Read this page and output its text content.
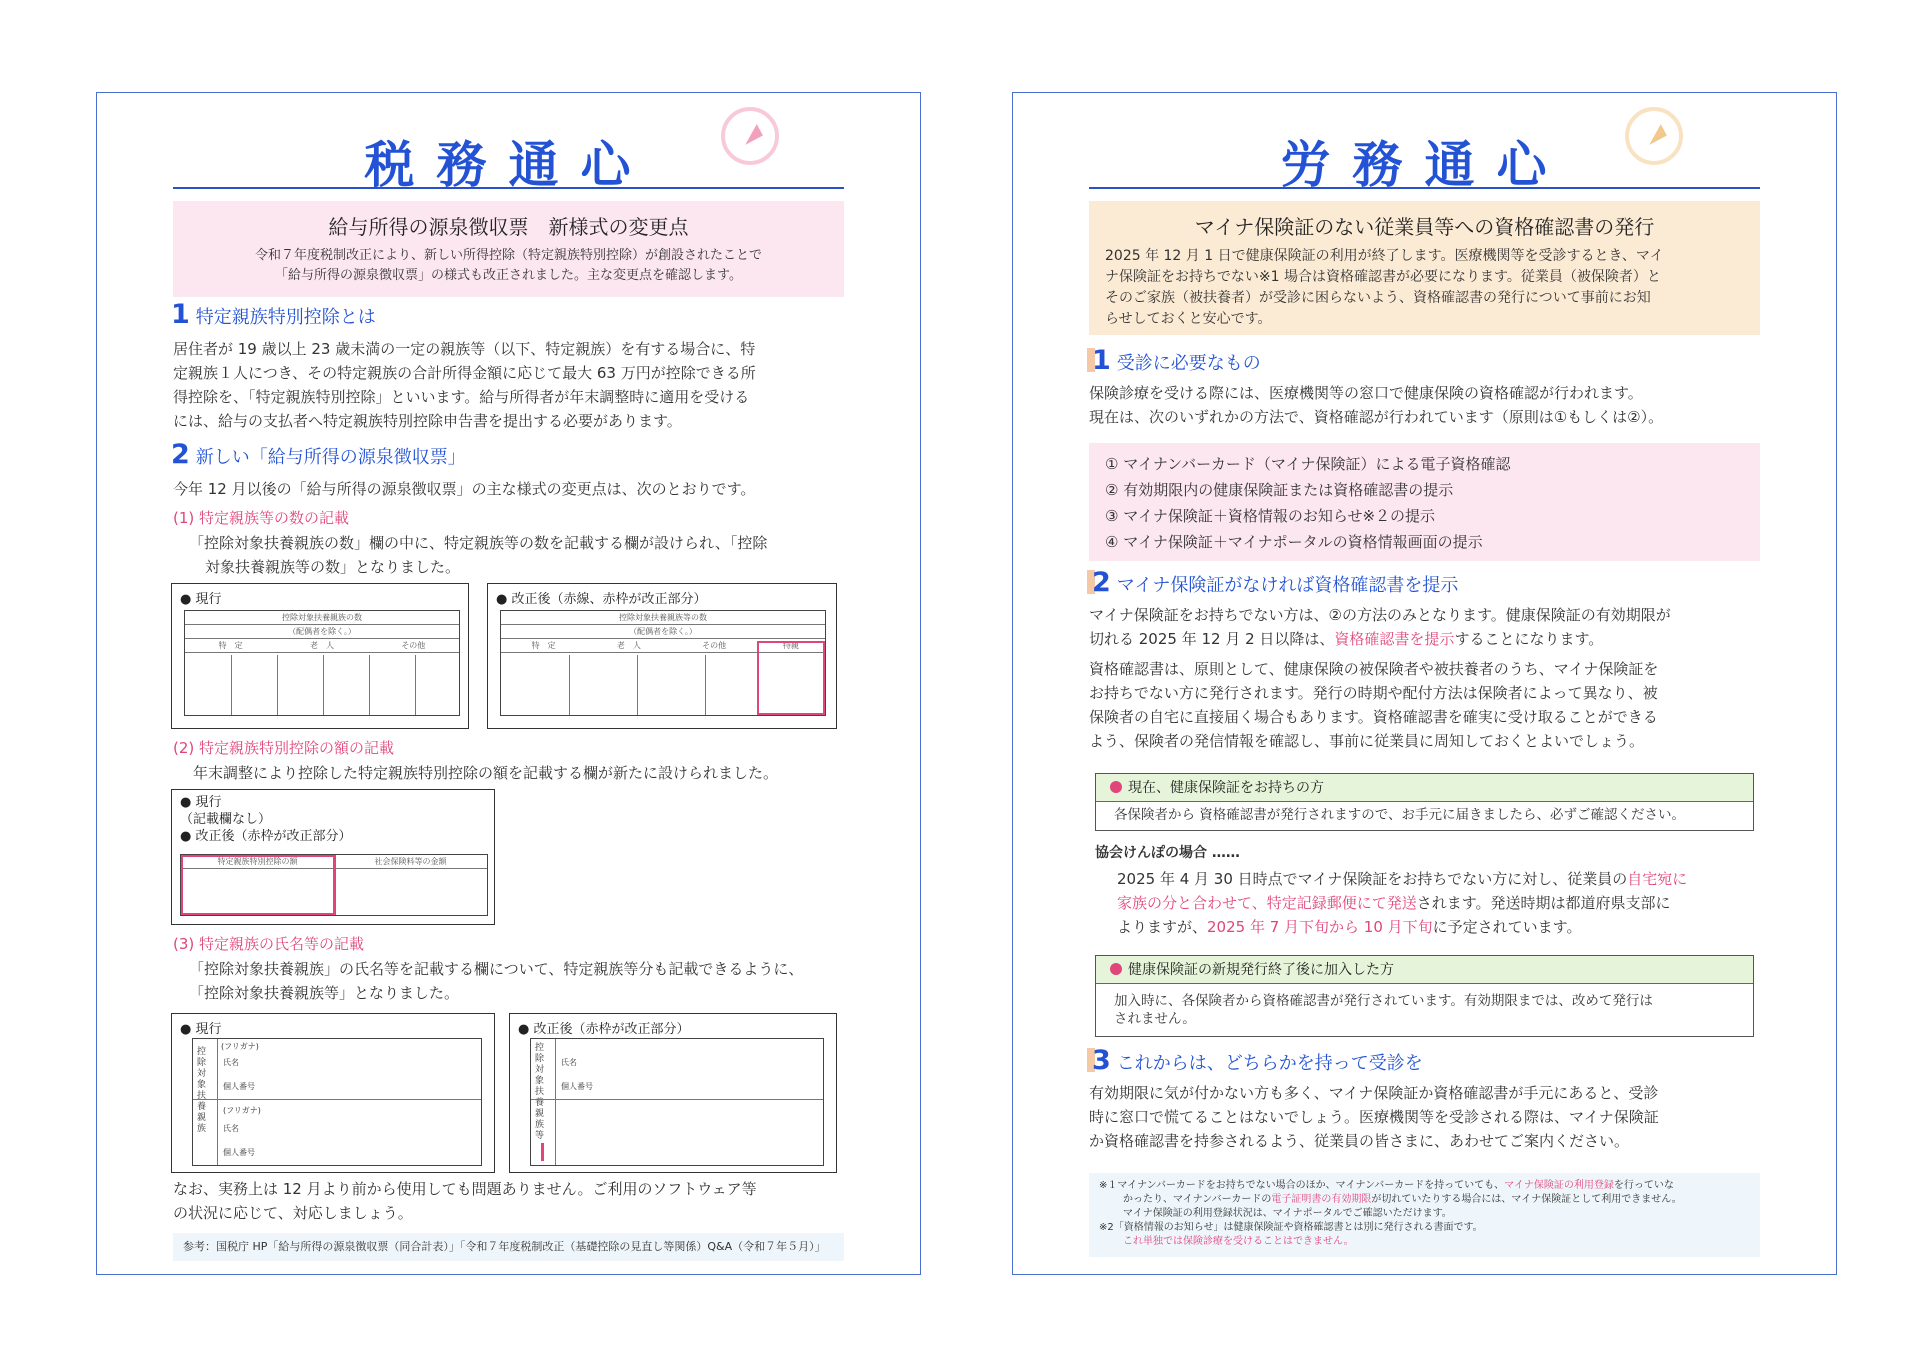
税務通心
給与所得の源泉徴収票　新様式の変更点
令和７年度税制改正により、新しい所得控除（特定親族特別控除）が創設されたことで
「給与所得の源泉徴収票」の様式も改正されました。主な変更点を確認します。
1 特定親族特別控除とは
居住者が 19 歳以上 23 歳未満の一定の親族等（以下、特定親族）を有する場合に、特
定親族１人につき、その特定親族の合計所得金額に応じて最大 63 万円が控除できる所
得控除を、「特定親族特別控除」といいます。給与所得者が年末調整時に適用を受ける
には、給与の支払者へ特定親族特別控除申告書を提出する必要があります。
2 新しい「給与所得の源泉徴収票」
今年 12 月以後の「給与所得の源泉徴収票」の主な様式の変更点は、次のとおりです。
(1) 特定親族等の数の記載
「控除対象扶養親族の数」欄の中に、特定親族等の数を記載する欄が設けられ、「控除
対象扶養親族等の数」となりました。
● 現行
控除対象扶養親族の数
（配偶者を除く。）
特　定	老　人	その他
● 改正後（赤線、赤枠が改正部分）
控除対象扶養親族等の数
（配偶者を除く。）
特　定	老　人	その他	特親
(2) 特定親族特別控除の額の記載
年末調整により控除した特定親族特別控除の額を記載する欄が新たに設けられました。
● 現行
（記載欄なし）
● 改正後（赤枠が改正部分）
特定親族特別控除の額	社会保険料等の金額
(3) 特定親族の氏名等の記載
「控除対象扶養親族」の氏名等を記載する欄について、特定親族等分も記載できるように、
「控除対象扶養親族等」となりました。
● 現行
控除対象扶養親族
(フリガナ)
氏名
個人番号
(フリガナ)
氏名
個人番号
● 改正後（赤枠が改正部分）
控除対象扶養親族等
氏名
個人番号
なお、実務上は 12 月より前から使用しても問題ありません。ご利用のソフトウェア等
の状況に応じて、対応しましょう。
参考：国税庁 HP「給与所得の源泉徴収票（同合計表）」「令和７年度税制改正（基礎控除の見直し等関係）Q&A（令和７年５月）」
労務通心
マイナ保険証のない従業員等への資格確認書の発行
2025 年 12 月 1 日で健康保険証の利用が終了します。医療機関等を受診するとき、マイ
ナ保険証をお持ちでない※1 場合は資格確認書が必要になります。従業員（被保険者）と
そのご家族（被扶養者）が受診に困らないよう、資格確認書の発行について事前にお知
らせしておくと安心です。
1 受診に必要なもの
保険診療を受ける際には、医療機関等の窓口で健康保険の資格確認が行われます。
現在は、次のいずれかの方法で、資格確認が行われています（原則は①もしくは②）。
① マイナンバーカード（マイナ保険証）による電子資格確認
② 有効期限内の健康保険証または資格確認書の提示
③ マイナ保険証＋資格情報のお知らせ※２の提示
④ マイナ保険証＋マイナポータルの資格情報画面の提示
2 マイナ保険証がなければ資格確認書を提示
マイナ保険証をお持ちでない方は、②の方法のみとなります。健康保険証の有効期限が
切れる 2025 年 12 月 2 日以降は、資格確認書を提示することになります。
資格確認書は、原則として、健康保険の被保険者や被扶養者のうち、マイナ保険証を
お持ちでない方に発行されます。発行の時期や配付方法は保険者によって異なり、被
保険者の自宅に直接届く場合もあります。資格確認書を確実に受け取ることができる
よう、保険者の発信情報を確認し、事前に従業員に周知しておくとよいでしょう。
現在、健康保険証をお持ちの方
各保険者から 資格確認書が発行されますので、お手元に届きましたら、必ずご確認ください。
協会けんぽの場合 ……
2025 年 4 月 30 日時点でマイナ保険証をお持ちでない方に対し、従業員の自宅宛に
家族の分と合わせて、特定記録郵便にて発送されます。発送時期は都道府県支部に
よりますが、2025 年 7 月下旬から 10 月下旬に予定されています。
健康保険証の新規発行終了後に加入した方
加入時に、各保険者から資格確認書が発行されています。有効期限までは、改めて発行は
されません。
3 これからは、どちらかを持って受診を
有効期限に気が付かない方も多く、マイナ保険証か資格確認書が手元にあると、受診
時に窓口で慌てることはないでしょう。医療機関等を受診される際は、マイナ保険証
か資格確認書を持参されるよう、従業員の皆さまに、あわせてご案内ください。
※１マイナンバーカードをお持ちでない場合のほか、マイナンバーカードを持っていても、マイナ保険証の利用登録を行っていな
かったり、マイナンバーカードの電子証明書の有効期限が切れていたりする場合には、マイナ保険証として利用できません。
マイナ保険証の利用登録状況は、マイナポータルでご確認いただけます。
※2「資格情報のお知らせ」は健康保険証や資格確認書とは別に発行される書面です。
これ単独では保険診療を受けることはできません。
